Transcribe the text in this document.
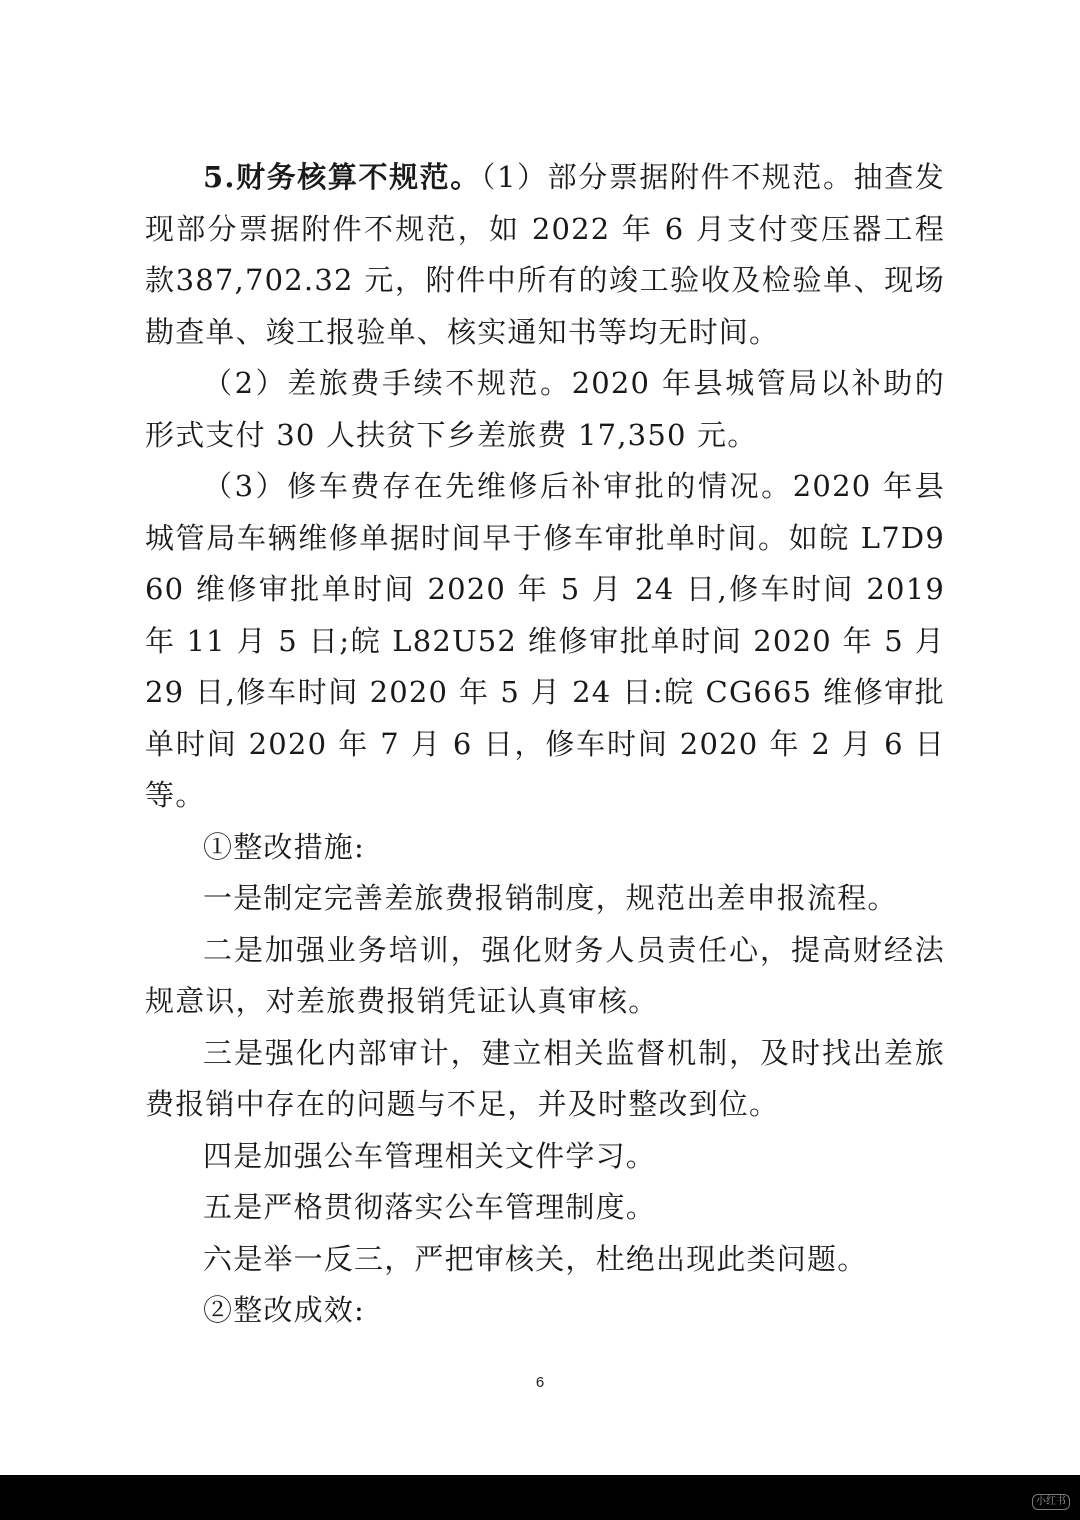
5.财务核算不规范。（1）部分票据附件不规范。抽查发现部分票据附件不规范，如 2022 年 6 月支付变压器工程款387,702.32 元，附件中所有的竣工验收及检验单、现场勘查单、竣工报验单、核实通知书等均无时间。

（2）差旅费手续不规范。2020 年县城管局以补助的形式支付 30 人扶贫下乡差旅费 17,350 元。

（3）修车费存在先维修后补审批的情况。2020 年县城管局车辆维修单据时间早于修车审批单时间。如皖 L7D960 维修审批单时间 2020 年 5 月 24 日,修车时间 2019 年 11 月 5 日;皖 L82U52 维修审批单时间 2020 年 5 月 29 日,修车时间 2020 年 5 月 24 日:皖 CG665 维修审批单时间 2020 年 7 月 6 日，修车时间 2020 年 2 月 6 日等。

①整改措施:

一是制定完善差旅费报销制度，规范出差申报流程。

二是加强业务培训，强化财务人员责任心，提高财经法规意识，对差旅费报销凭证认真审核。

三是强化内部审计，建立相关监督机制，及时找出差旅费报销中存在的问题与不足，并及时整改到位。

四是加强公车管理相关文件学习。

五是严格贯彻落实公车管理制度。

六是举一反三，严把审核关，杜绝出现此类问题。

②整改成效:

6
小红书
